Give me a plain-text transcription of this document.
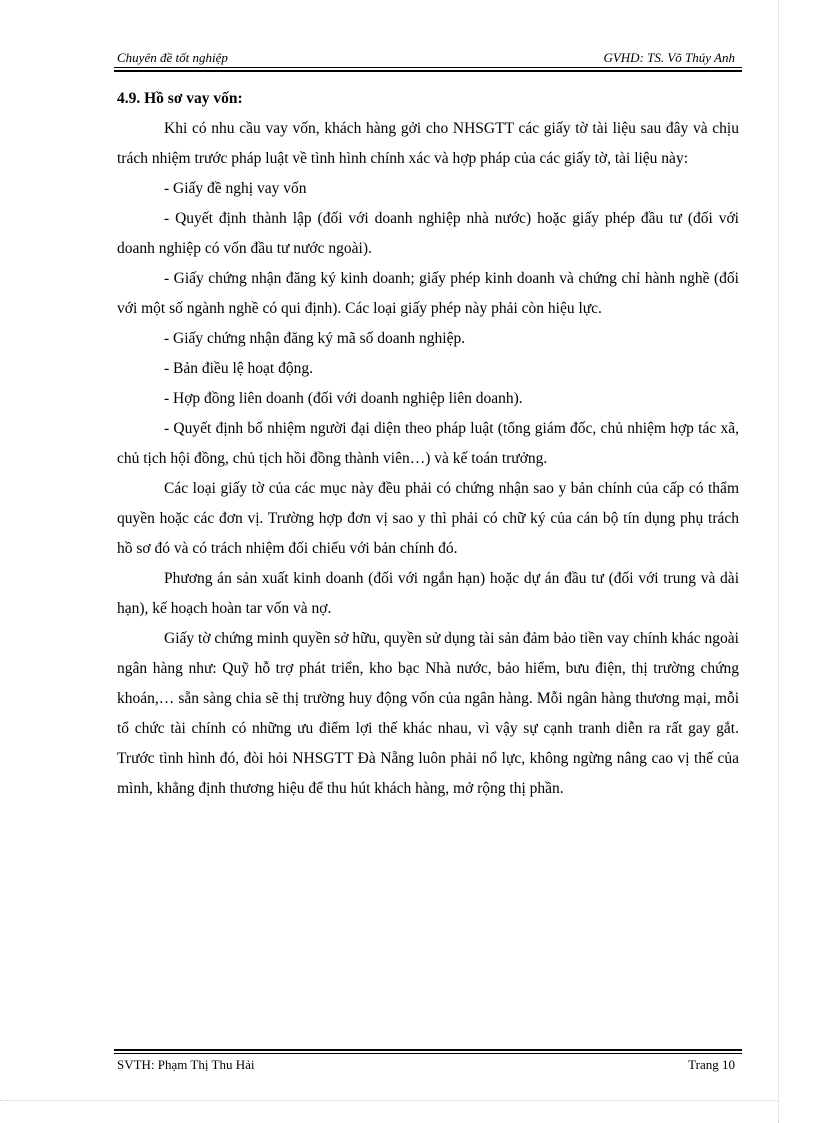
Chuyên đề tốt nghiệp	GVHD: TS. Võ Thúy Anh

4.9. Hồ sơ vay vốn:

Khi có nhu cầu vay vốn, khách hàng gởi cho NHSGTT các giấy tờ tài liệu sau đây và chịu trách nhiệm trước pháp luật về tình hình chính xác và hợp pháp của các giấy tờ, tài liệu này:

- Giấy đề nghị vay vốn

- Quyết định thành lập (đối với doanh nghiệp nhà nước) hoặc giấy phép đầu tư (đối với doanh nghiệp có vốn đầu tư nước ngoài).

- Giấy chứng nhận đăng ký kinh doanh; giấy phép kinh doanh và chứng chỉ hành nghề (đối với một số ngành nghề có qui định). Các loại giấy phép này phải còn hiệu lực.

- Giấy chứng nhận đăng ký mã số doanh nghiệp.

- Bản điều lệ hoạt động.

- Hợp đồng liên doanh (đối với doanh nghiệp liên doanh).

- Quyết định bổ nhiệm người đại diện theo pháp luật (tổng giám đốc, chủ nhiệm hợp tác xã, chủ tịch hội đồng, chủ tịch hồi đồng thành viên…) và kế toán trưởng.

Các loại giấy tờ của các mục này đều phải có chứng nhận sao y bản chính của cấp có thẩm quyền hoặc các đơn vị. Trường hợp đơn vị sao y thì phải có chữ ký của cán bộ tín dụng phụ trách hồ sơ đó và có trách nhiệm đối chiếu với bản chính đó.

Phương án sản xuất kinh doanh (đối với ngắn hạn) hoặc dự án đầu tư (đối với trung và dài hạn), kế hoạch hoàn tar vốn và nợ.

Giấy tờ chứng minh quyền sở hữu, quyền sử dụng tài sản đảm bảo tiền vay chính khác ngoài ngân hàng như: Quỹ hỗ trợ phát triển, kho bạc Nhà nước, bảo hiểm, bưu điện, thị trường chứng khoán,… sẵn sàng chia sẽ thị trường huy động vốn của ngân hàng. Mỗi ngân hàng thương mại, mỗi tổ chức tài chính có những ưu điểm lợi thế khác nhau, vì vậy sự cạnh tranh diễn ra rất gay gắt. Trước tình hình đó, đòi hỏi NHSGTT Đà Nẵng luôn phải nổ lực, không ngừng nâng cao vị thế của mình, khẳng định thương hiệu để thu hút khách hàng, mở rộng thị phần.

SVTH: Phạm Thị Thu Hải	Trang 10
